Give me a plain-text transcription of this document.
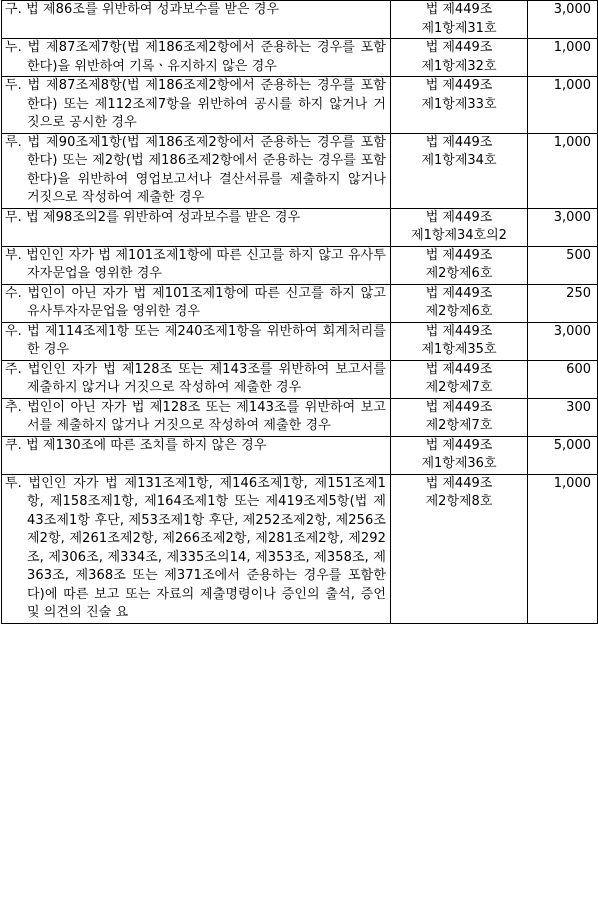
구. 법 제86조를 위반하여 성과보수를 받은 경우	법 제449조
제1항제31호	3,000
누. 법 제87조제7항(법 제186조제2항에서 준용하는 경우를 포함한다)을 위반하여 기록ㆍ유지하지 않은 경우	법 제449조
제1항제32호	1,000
두. 법 제87조제8항(법 제186조제2항에서 준용하는 경우를 포함한다) 또는 제112조제7항을 위반하여 공시를 하지 않거나 거짓으로 공시한 경우	법 제449조
제1항제33호	1,000
루. 법 제90조제1항(법 제186조제2항에서 준용하는 경우를 포함한다) 또는 제2항(법 제186조제2항에서 준용하는 경우를 포함한다)을 위반하여 영업보고서나 결산서류를 제출하지 않거나 거짓으로 작성하여 제출한 경우	법 제449조
제1항제34호	1,000
무. 법 제98조의2를 위반하여 성과보수를 받은 경우	법 제449조
제1항제34호의2	3,000
부. 법인인 자가 법 제101조제1항에 따른 신고를 하지 않고 유사투자자문업을 영위한 경우	법 제449조
제2항제6호	500
수. 법인이 아닌 자가 법 제101조제1항에 따른 신고를 하지 않고 유사투자자문업을 영위한 경우	법 제449조
제2항제6호	250
우. 법 제114조제1항 또는 제240조제1항을 위반하여 회계처리를 한 경우	법 제449조
제1항제35호	3,000
주. 법인인 자가 법 제128조 또는 제143조를 위반하여 보고서를 제출하지 않거나 거짓으로 작성하여 제출한 경우	법 제449조
제2항제7호	600
추. 법인이 아닌 자가 법 제128조 또는 제143조를 위반하여 보고서를 제출하지 않거나 거짓으로 작성하여 제출한 경우	법 제449조
제2항제7호	300
쿠. 법 제130조에 따른 조치를 하지 않은 경우	법 제449조
제1항제36호	5,000
투. 법인인 자가 법 제131조제1항, 제146조제1항, 제151조제1항, 제158조제1항, 제164조제1항 또는 제419조제5항(법 제43조제1항 후단, 제53조제1항 후단, 제252조제2항, 제256조제2항, 제261조제2항, 제266조제2항, 제281조제2항, 제292조, 제306조, 제334조, 제335조의14, 제353조, 제358조, 제363조, 제368조 또는 제371조에서 준용하는 경우를 포함한다)에 따른 보고 또는 자료의 제출명령이나 증인의 출석, 증언 및 의견의 진술 요	법 제449조
제2항제8호	1,000
